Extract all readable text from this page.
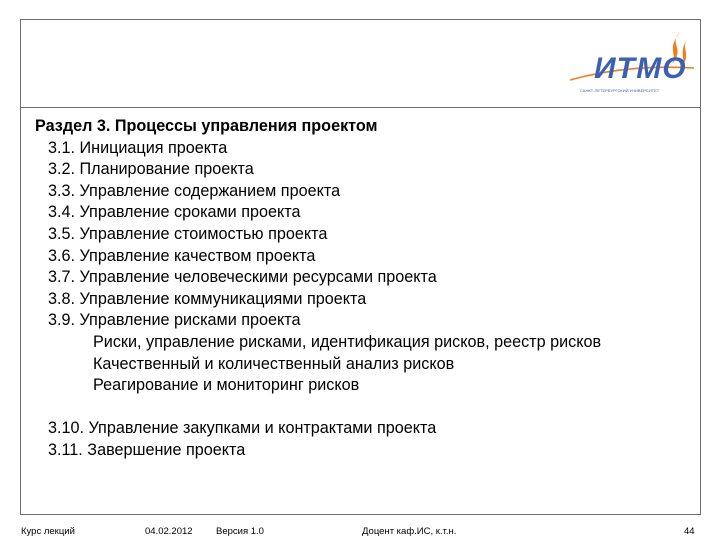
ИТМО
САНКТ-ПЕТЕРБУРГСКИЙ УНИВЕРСИТЕТ
Раздел 3. Процессы управления проектом
3.1. Инициация проекта
3.2. Планирование проекта
3.3. Управление содержанием проекта
3.4. Управление сроками проекта
3.5. Управление стоимостью проекта
3.6. Управление качеством проекта
3.7. Управление человеческими ресурсами проекта
3.8. Управление коммуникациями проекта
3.9. Управление рисками проекта
Риски, управление рисками, идентификация рисков, реестр рисков
Качественный и количественный анализ рисков
Реагирование и мониторинг рисков
3.10. Управление закупками и контрактами проекта
3.11. Завершение проекта
Курс лекций	04.02.2012 Версия 1.0	Доцент каф.ИС, к.т.н.	44
